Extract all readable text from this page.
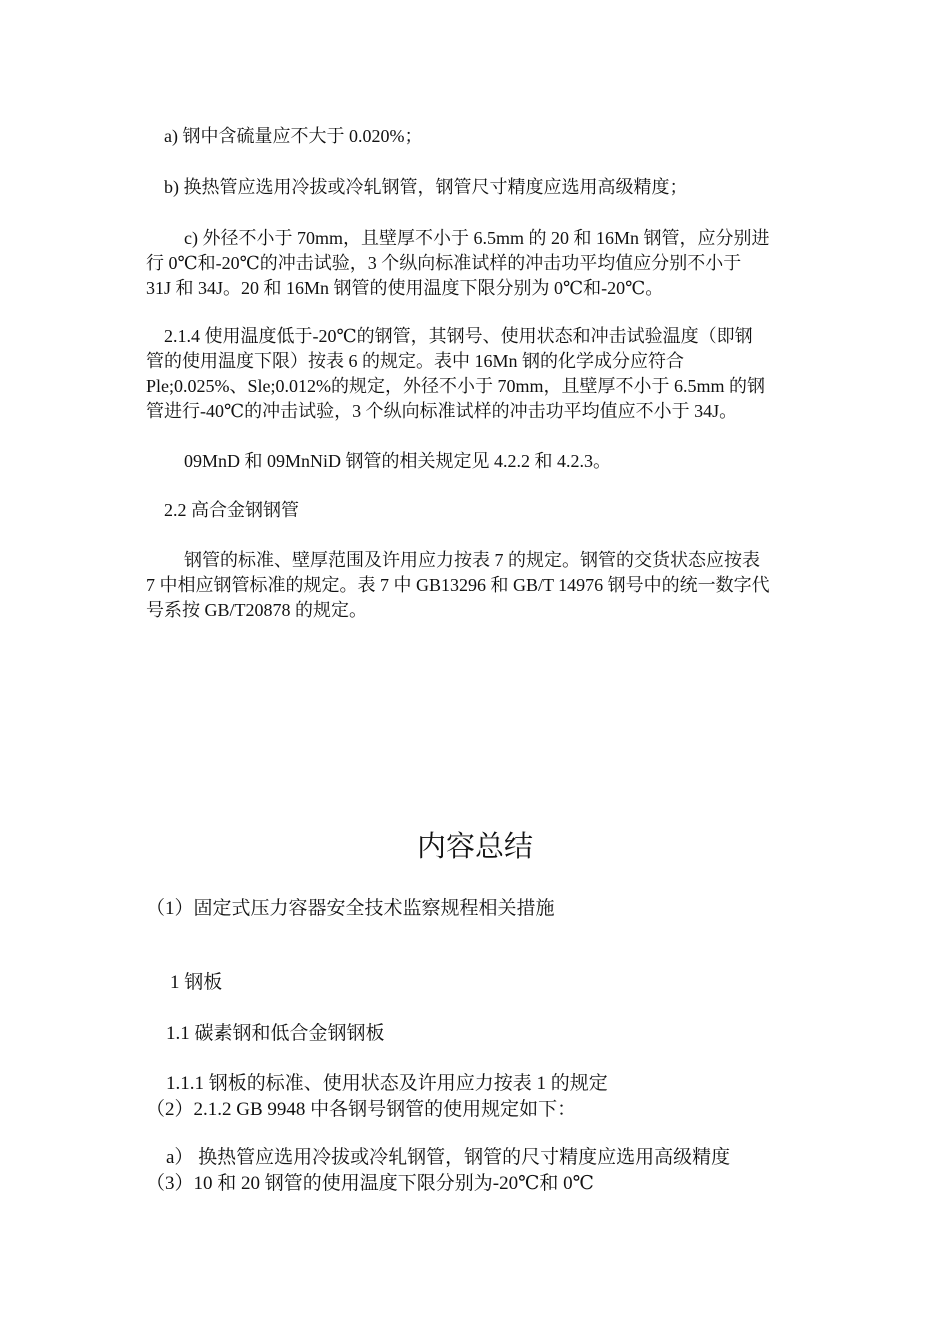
a) 钢中含硫量应不大于 0.020%；
b) 换热管应选用冷拔或冷轧钢管，钢管尺寸精度应选用高级精度；
c) 外径不小于 70mm，且壁厚不小于 6.5mm 的 20 和 16Mn 钢管，应分别进
行 0℃和-20℃的冲击试验，3 个纵向标准试样的冲击功平均值应分别不小于
31J 和 34J。20 和 16Mn 钢管的使用温度下限分别为 0℃和-20℃。
2.1.4 使用温度低于-20℃的钢管，其钢号、使用状态和冲击试验温度（即钢
管的使用温度下限）按表 6 的规定。表中 16Mn 钢的化学成分应符合
Ple;0.025%、Sle;0.012%的规定，外径不小于 70mm，且壁厚不小于 6.5mm 的钢
管进行-40℃的冲击试验，3 个纵向标准试样的冲击功平均值应不小于 34J。
09MnD 和 09MnNiD 钢管的相关规定见 4.2.2 和 4.2.3。
2.2 高合金钢钢管
钢管的标准、壁厚范围及许用应力按表 7 的规定。钢管的交货状态应按表
7 中相应钢管标准的规定。表 7 中 GB13296 和 GB/T 14976 钢号中的统一数字代
号系按 GB/T20878 的规定。
内容总结
（1）固定式压力容器安全技术监察规程相关措施
1 钢板
1.1 碳素钢和低合金钢钢板
1.1.1 钢板的标准、使用状态及许用应力按表 1 的规定
（2）2.1.2 GB 9948 中各钢号钢管的使用规定如下：
a） 换热管应选用冷拔或冷轧钢管，钢管的尺寸精度应选用高级精度
（3）10 和 20 钢管的使用温度下限分别为-20℃和 0℃
